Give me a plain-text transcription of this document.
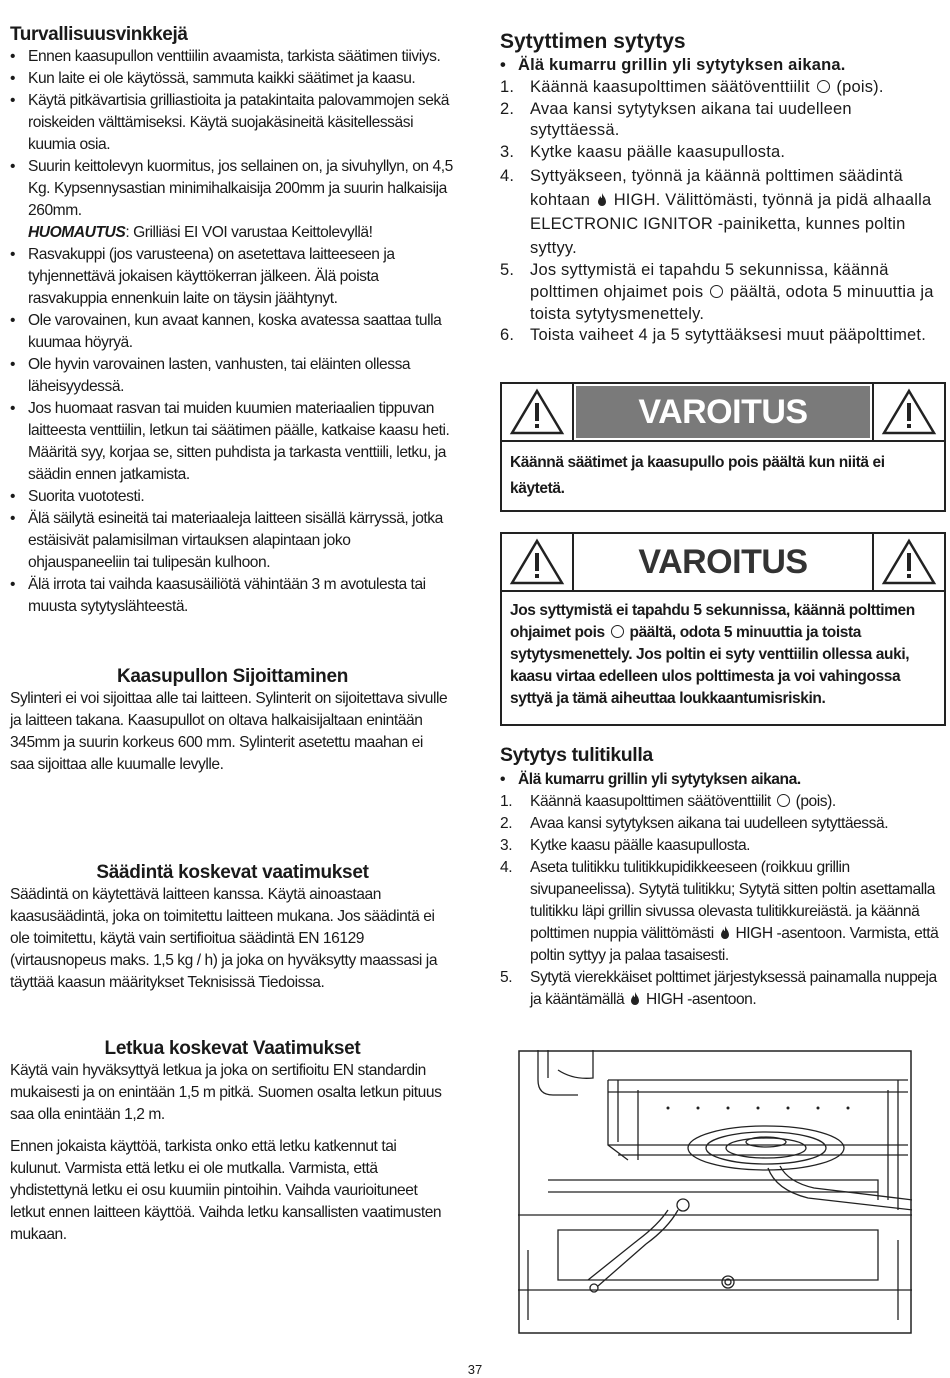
Turvallisuusvinkkejä
• Ennen kaasupullon venttiilin avaamista, tarkista säätimen tiiviys.
• Kun laite ei ole käytössä, sammuta kaikki säätimet ja kaasu.
• Käytä pitkävartisia grilliastioita ja patakintaita palovammojen sekä roiskeiden välttämiseksi. Käytä suojakäsineitä käsitellessäsi kuumia osia.
• Suurin keittolevyn kuormitus, jos sellainen on, ja sivuhyllyn, on 4,5 Kg. Kypsennysastian minimihalkaisija 200mm ja suurin halkaisija 260mm.
HUOMAUTUS: Grilliäsi EI VOI varustaa Keittolevyllä!
• Rasvakuppi (jos varusteena) on asetettava laitteeseen ja tyhjennettävä jokaisen käyttökerran jälkeen. Älä poista rasvakuppia ennenkuin laite on täysin jäähtynyt.
• Ole varovainen, kun avaat kannen, koska avatessa saattaa tulla kuumaa höyryä.
• Ole hyvin varovainen lasten, vanhusten, tai eläinten ollessa läheisyydessä.
• Jos huomaat rasvan tai muiden kuumien materiaalien tippuvan laitteesta venttiilin, letkun tai säätimen päälle, katkaise kaasu heti. Määritä syy, korjaa se, sitten puhdista ja tarkasta venttiili, letku, ja säädin ennen jatkamista.
• Suorita vuototesti.
• Älä säilytä esineitä tai materiaaleja laitteen sisällä kärryssä, jotka estäisivät palamisilman virtauksen alapintaan joko ohjauspaneeliin tai tulipesän kulhoon.
• Älä irrota tai vaihda kaasusäiliötä vähintään 3 m avotulesta tai muusta sytytyslähteestä.
Kaasupullon Sijoittaminen

Sylinteri ei voi sijoittaa alle tai laitteen. Sylinterit on sijoitettava sivulle ja laitteen takana. Kaasupullot on oltava halkaisijaltaan enintään 345mm ja suurin korkeus 600 mm. Sylinterit asetettu maahan ei saa sijoittaa alle kuumalle levylle.

Säädintä koskevat vaatimukset

Säädintä on käytettävä laitteen kanssa. Käytä ainoastaan kaasusäädintä, joka on toimitettu laitteen mukana. Jos säädintä ei ole toimitettu, käytä vain sertifioitua säädintä EN 16129 (virtausnopeus maks. 1,5 kg / h) ja joka on hyväksytty maassasi ja täyttää kaasun määritykset Teknisissä Tiedoissa.

Letkua koskevat Vaatimukset

Käytä vain hyväksyttyä letkua ja joka on sertifioitu EN standardin mukaisesti ja on enintään 1,5 m pitkä. Suomen osalta letkun pituus saa olla enintään 1,2 m.

Ennen jokaista käyttöä, tarkista onko että letku katkennut tai kulunut. Varmista että letku ei ole mutkalla. Varmista, että yhdistettynä letku ei osu kuumiin pintoihin. Vaihda vaurioituneet letkut ennen laitteen käyttöä. Vaihda letku kansallisten vaatimusten mukaan.

Sytyttimen sytytys
• Älä kumarru grillin yli sytytyksen aikana.
1. Käännä kaasupolttimen säätöventtiilit  (pois).
2. Avaa kansi sytytyksen aikana tai uudelleen sytyttäessä.
3. Kytke kaasu päälle kaasupullosta.
4. Syttyäkseen, työnnä ja käännä polttimen säädintä kohtaan  HIGH. Välittömästi, työnnä ja pidä alhaalla ELECTRONIC IGNITOR -painiketta, kunnes poltin syttyy.
5. Jos syttymistä ei tapahdu 5 sekunnissa, käännä polttimen ohjaimet pois  päältä, odota 5 minuuttia ja toista sytytysmenettely.
6. Toista vaiheet 4 ja 5 sytyttääksesi muut pääpolttimet.
Sytytys tulitikulla
• Älä kumarru grillin yli sytytyksen aikana.
1. Käännä kaasupolttimen säätöventtiilit  (pois).
2. Avaa kansi sytytyksen aikana tai uudelleen sytyttäessä.
3. Kytke kaasu päälle kaasupullosta.
4. Aseta tulitikku tulitikkupidikkeeseen (roikkuu grillin sivupaneelissa). Sytytä tulitikku; Sytytä sitten poltin asettamalla tulitikku läpi grillin sivussa olevasta tulitikkureiästä. ja käännä polttimen nuppia välittömästi  HIGH -asentoon. Varmista, että poltin syttyy ja palaa tasaisesti.
5. Sytytä vierekkäiset polttimet järjestyksessä painamalla nuppeja ja kääntämällä  HIGH -asentoon.
VAROITUS
Käännä säätimet ja kaasupullo pois päältä kun niitä ei käytetä.
VAROITUS
Jos syttymistä ei tapahdu 5 sekunnissa, käännä polttimen ohjaimet pois  päältä, odota 5 minuuttia ja toista sytytysmenettely. Jos poltin ei syty venttiilin ollessa auki, kaasu virtaa edelleen ulos polttimesta ja voi vahingossa syttyä ja tämä aiheuttaa loukkaantumisriskin.
37
